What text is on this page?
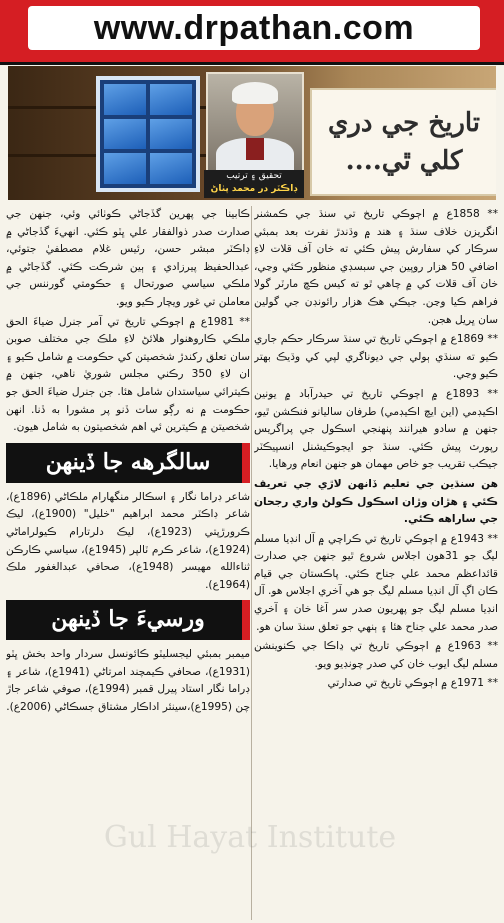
www.drpathan.com
تحقيق ۽ ترتيب
ڊاڪٽر در محمد پٺاڻ
تاريخ جي دري
کلي ٿي....

** 1858ع ۾ اڄوڪي تاريخ تي سنڌ جي ڪمشنر انگريزن خلاف سنڌ ۽ هند ۾ وڌندڙ نفرت بعد بمبئي سرڪار کي سفارش پيش ڪئي ته خان آف قلات لاءِ اضافي 50 هزار روپين جي سبسڊي منظور ڪئي وڃي، خان آف قلات کي ۾ چاهي ٿو ته کيس ڪڇ مارٽر گولا فراهم ڪيا وڃن. جيڪي هڪ هزار رائونڊن جي گولين سان ڀريل هجن.

** 1869ع ۾ اڄوڪي تاريخ تي سنڌ سرڪار حڪم جاري ڪيو ته سنڌي ٻولي جي ديوناگري لپي کي وڌيڪ بهتر ڪيو وڃي.

** 1893ع ۾ اڄوڪي تاريخ تي حيدرآباد ۾ يونين اڪيڊمي (اين ايچ اڪيڊمي) طرفان ساليانو فنڪشن ٿيو، جنهن ۾ سادو هيرانند پنهنجي اسڪول جي پراگريس رپورٽ پيش ڪئي. سنڌ جو ايجوڪيشنل انسپيڪٽر جيڪب تقريب جو خاص مهمان هو جنهن انعام ورهايا.

هن سنڌين جي تعليم ڏانهن لاڙي جي تعريف ڪئي ۽ هڙان وڙان اسڪول ڪولڻ واري رجحان جي ساراهه ڪئي.

** 1943ع ۾ اڄوڪي تاريخ تي ڪراچي ۾ آل انڊيا مسلم ليگ جو 31هون اجلاس شروع ٿيو جنهن جي صدارت قائداعظم محمد علي جناح ڪئي. پاڪستان جي قيام ڪان اڳ آل انڊيا مسلم ليگ جو هي آخري اجلاس هو. آل انڊيا مسلم ليگ جو پهريون صدر سر آغا خان ۽ آخري صدر محمد علي جناح هئا ۽ ٻنهي جو تعلق سنڌ سان هو.

** 1963ع ۾ اڄوڪي تاريخ تي ڍاڪا جي ڪنوينشن مسلم ليگ ايوب خان کي صدر چونڊيو ويو.

** 1971ع ۾ اڄوڪي تاريخ تي صدارتي

ڪابينا جي پهرين گڏجاڻي ڪوٺائي وئي، جنهن جي صدارت صدر ذوالفقار علي ڀٽو ڪئي. انهيءَ گڏجاڻي ۾ ڊاڪٽر مبشر حسن، رئيس غلام مصطفيٰ جتوئي، عبدالحفيظ پيرزادي ۽ ٻين شرڪت ڪئي. گڏجاڻي ۾ ملڪي سياسي صورتحال ۽ حڪومتي گورننس جي معاملن تي غور ويچار ڪيو ويو.

** 1981ع ۾ اڄوڪي تاريخ تي آمر جنرل ضياءَ الحق ملڪي ڪاروهنوار هلائڻ لاءِ ملڪ جي مختلف صوبن سان تعلق رکندڙ شخصيتن کي حڪومت ۾ شامل ڪيو ۽ ان لاءِ 350 رڪني مجلس شوريٰ ناهي، جنهن ۾ ڪيترائي سياستدان شامل هئا. جن جنرل ضياءَ الحق جو حڪومت ۾ نه رڳو سات ڏنو پر مشورا به ڏنا. انهن شخصيتن ۾ ڪيترين ئي اهم شخصيتون به شامل هيون.

سالگرهه جا ڏينهن

شاعر ڊراما نگار ۽ اسڪالر منگهارام ملڪاڻي (1896ع)، شاعر ڊاڪٽر محمد ابراهيم "خليل" (1900ع)، ليڪ ڪرورڙپتي (1923ع)، ليڪ دلرتارام ڪيولراماڻي (1924ع)، شاعر ڪرم ٽالپر (1945ع)، سياسي ڪارڪن ثناءالله مهيسر (1948ع)، صحافي عبدالغفور ملڪ (1964ع).

ورسيءَ جا ڏينهن

ميمبر بمبئي ليجسليٽو ڪائونسل سردار واحد بخش ڀٽو (1931ع)، صحافي ڪيمچند امرتاڻي (1941ع)، شاعر ۽ ڊراما نگار استاد پيرل قمبر (1994ع)، صوفي شاعر جاڙ چن (1995ع)،سينئر اداڪار مشتاق جسڪاڻي (2006ع).

Gul Hayat Institute
